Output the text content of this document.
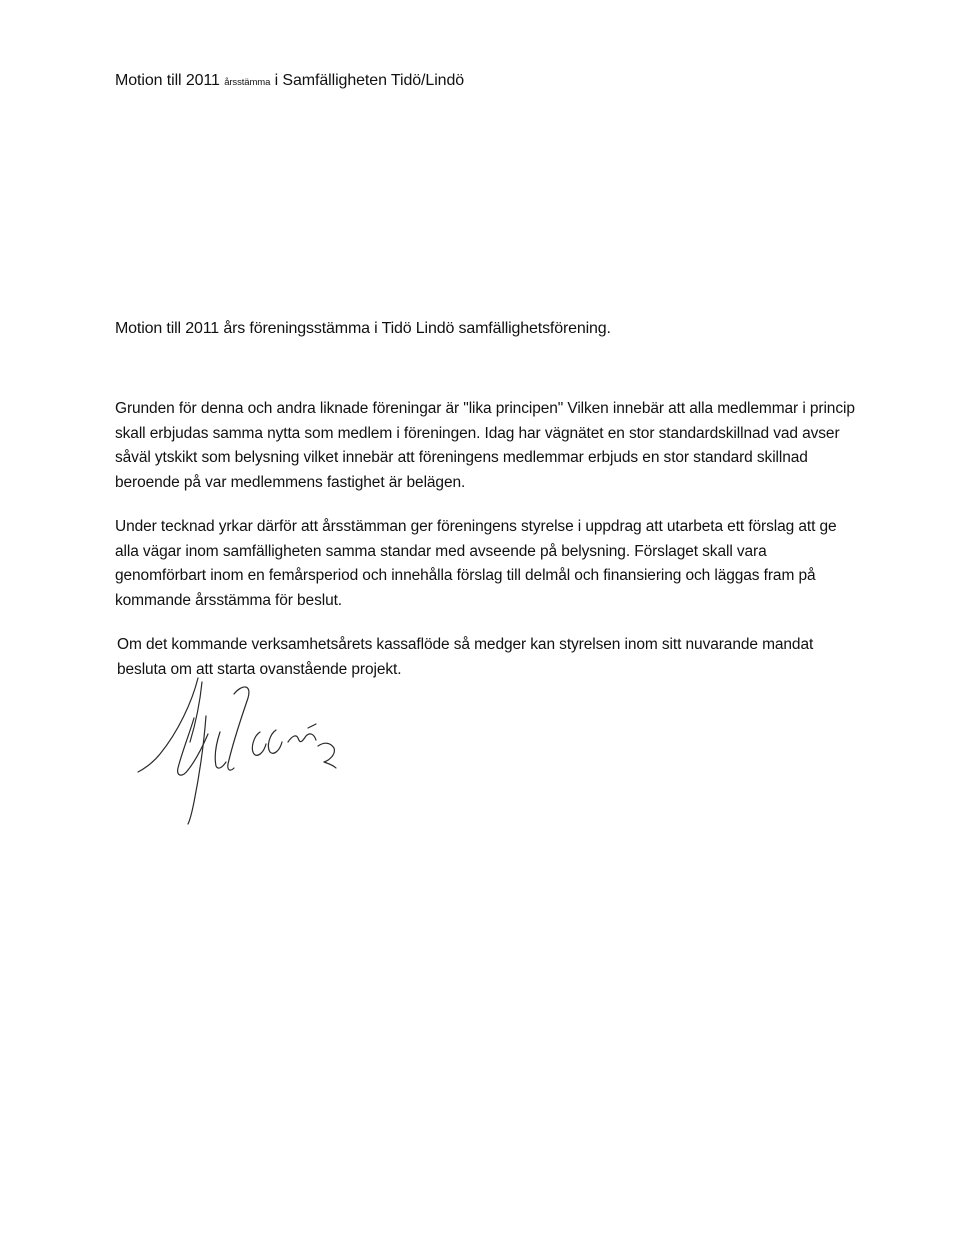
Motion till 2011 årsstämma i Samfälligheten Tidö/Lindö
Motion till 2011 års föreningsstämma i Tidö Lindö samfällighetsförening.

Grunden för denna och andra liknade föreningar är "lika principen" Vilken innebär att alla medlemmar i princip skall erbjudas samma nytta som medlem i föreningen. Idag har vägnätet en stor standardskillnad vad avser såväl ytskikt som belysning vilket innebär att föreningens medlemmar erbjuds en stor standard skillnad beroende på var medlemmens fastighet är belägen.

Under tecknad yrkar därför att årsstämman ger föreningens styrelse i uppdrag att utarbeta ett förslag att ge alla vägar inom samfälligheten samma standar med avseende på belysning. Förslaget skall vara genomförbart inom en femårsperiod och innehålla förslag till delmål och finansiering och läggas fram på kommande årsstämma för beslut.

Om det kommande verksamhetsårets kassaflöde så medger kan styrelsen inom sitt nuvarande mandat besluta om att starta ovanstående projekt.
